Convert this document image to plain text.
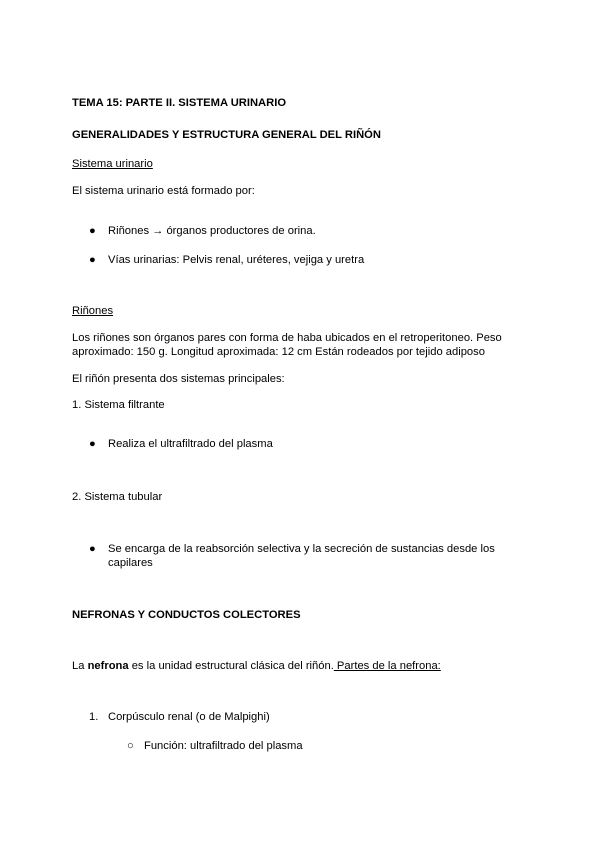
TEMA 15: PARTE II. SISTEMA URINARIO
GENERALIDADES Y ESTRUCTURA GENERAL DEL RIÑÓN
Sistema urinario
El sistema urinario está formado por:
● Riñones → órganos productores de orina.
● Vías urinarias: Pelvis renal, uréteres, vejiga y uretra
Riñones
Los riñones son órganos pares con forma de haba ubicados en el retroperitoneo. Peso
aproximado: 150 g. Longitud aproximada: 12 cm Están rodeados por tejido adiposo
El riñón presenta dos sistemas principales:
1. Sistema filtrante
● Realiza el ultrafiltrado del plasma
2. Sistema tubular
● Se encarga de la reabsorción selectiva y la secreción de sustancias desde los
capilares
NEFRONAS Y CONDUCTOS COLECTORES
La nefrona es la unidad estructural clásica del riñón. Partes de la nefrona:
1. Corpúsculo renal (o de Malpighi)
○ Función: ultrafiltrado del plasma
